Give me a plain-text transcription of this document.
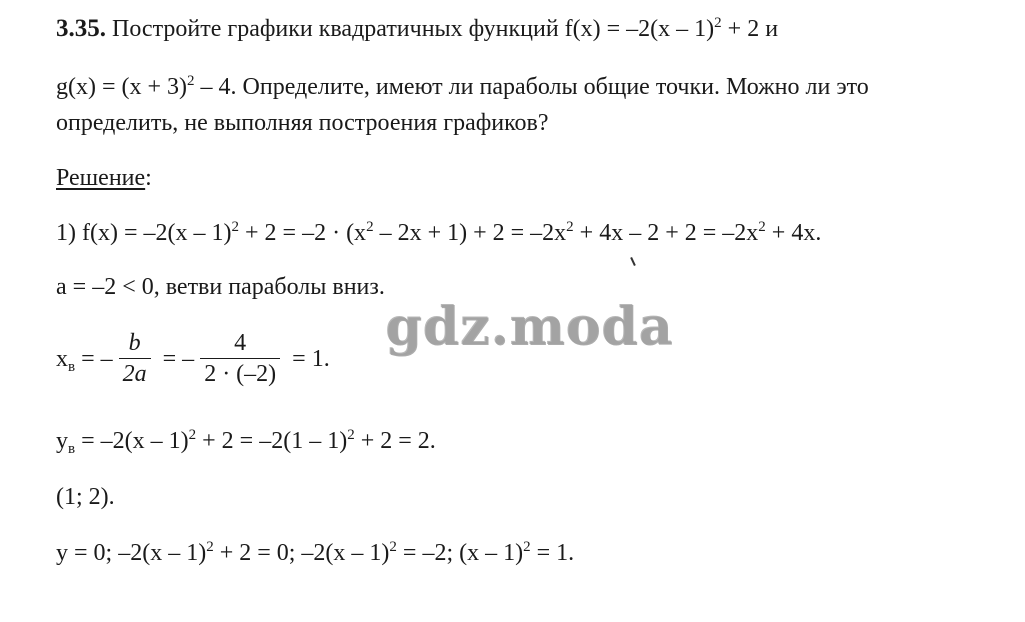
3.35. Постройте графики квадратичных функций f(x) = –2(x – 1)$^2$ + 2 и
$g(x) = (x + 3)^2 - 4$. Определите, имеют ли параболы общие точки. Можно ли это
определить, не выполняя построения графиков?
Решение:
1) $f(x) = -2(x - 1)^2 + 2 = -2 \cdot (x^2 - 2x + 1) + 2 = -2x^2 + 4x - 2 + 2 = -2x^2 + 4x$.
a = –2 < 0, ветви параболы вниз.
$x_в$ = – $\frac{b}{2a}$ = – $\frac{4}{2 \cdot (-2)} = 1$.
$y_в = -2(x - 1)^2 + 2 = -2(1 - 1)^2 + 2 = 2$.
(1; 2).
y = 0; –2(x – 1)$^2$ + 2 = 0; –2(x – 1)$^2$ = –2; (x – 1)$^2$ = 1.
gdz.moda
